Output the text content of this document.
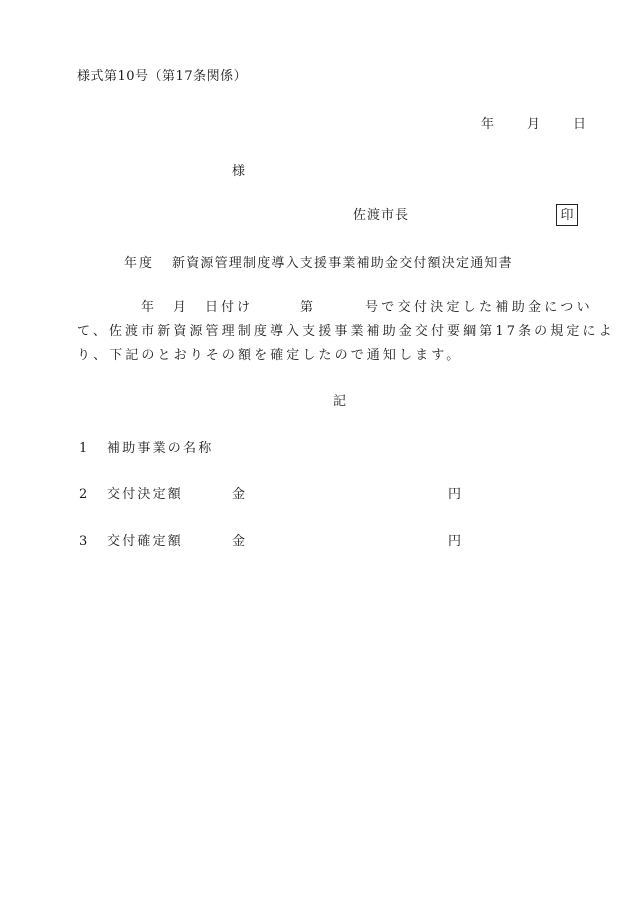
様式第10号（第17条関係）
年	月	日
様
佐渡市長	印
年度 新資源管理制度導入支援事業補助金交付額決定通知書
年 月 日付け	第	号で交付決定した補助金につい
て、佐渡市新資源管理制度導入支援事業補助金交付要綱第17条の規定によ
り、下記のとおりその額を確定したので通知します。
記
1 補助事業の名称
2 交付決定額	金	円
3 交付確定額	金	円
